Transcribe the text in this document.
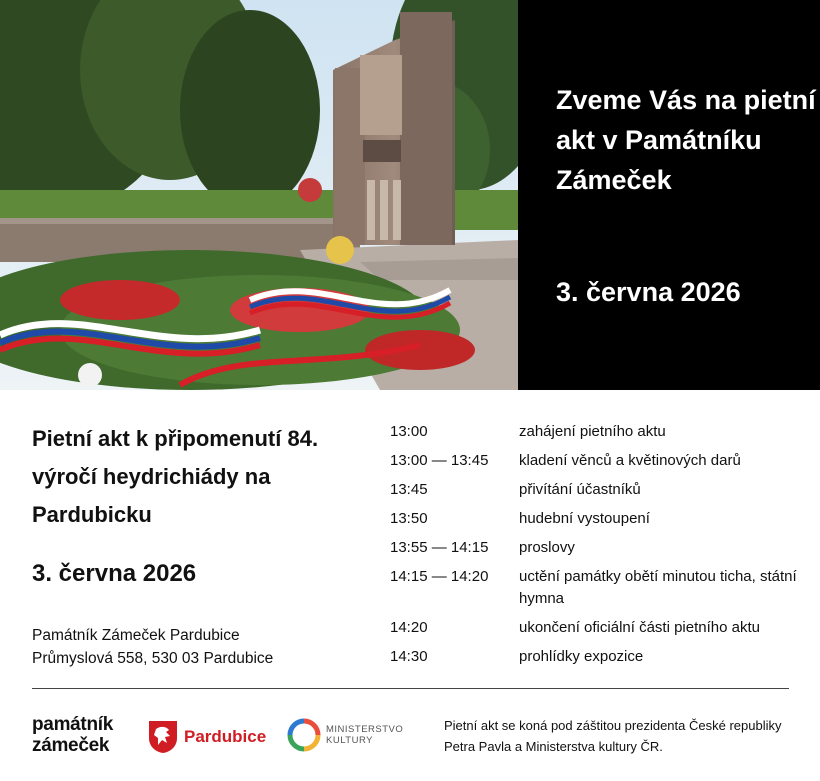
Zveme Vás na pietní akt v Památníku Zámeček
3. června 2026
Pietní akt k připomenutí 84. výročí heydrichiády na Pardubicku
3. června 2026
Památník Zámeček Pardubice
Průmyslová 558, 530 03 Pardubice
13:00	zahájení pietního aktu
13:00 — 13:45	kladení věnců a květinových darů
13:45	přivítání účastníků
13:50	hudební vystoupení
13:55 — 14:15	proslovy
14:15 — 14:20	uctění památky obětí minutou ticha, státní hymna
14:20	ukončení oficiální části pietního aktu
14:30	prohlídky expozice
památník
zámeček	Pardubice	MINISTERSTVO
KULTURY
Pietní akt se koná pod záštitou prezidenta České republiky Petra Pavla a Ministerstva kultury ČR.
